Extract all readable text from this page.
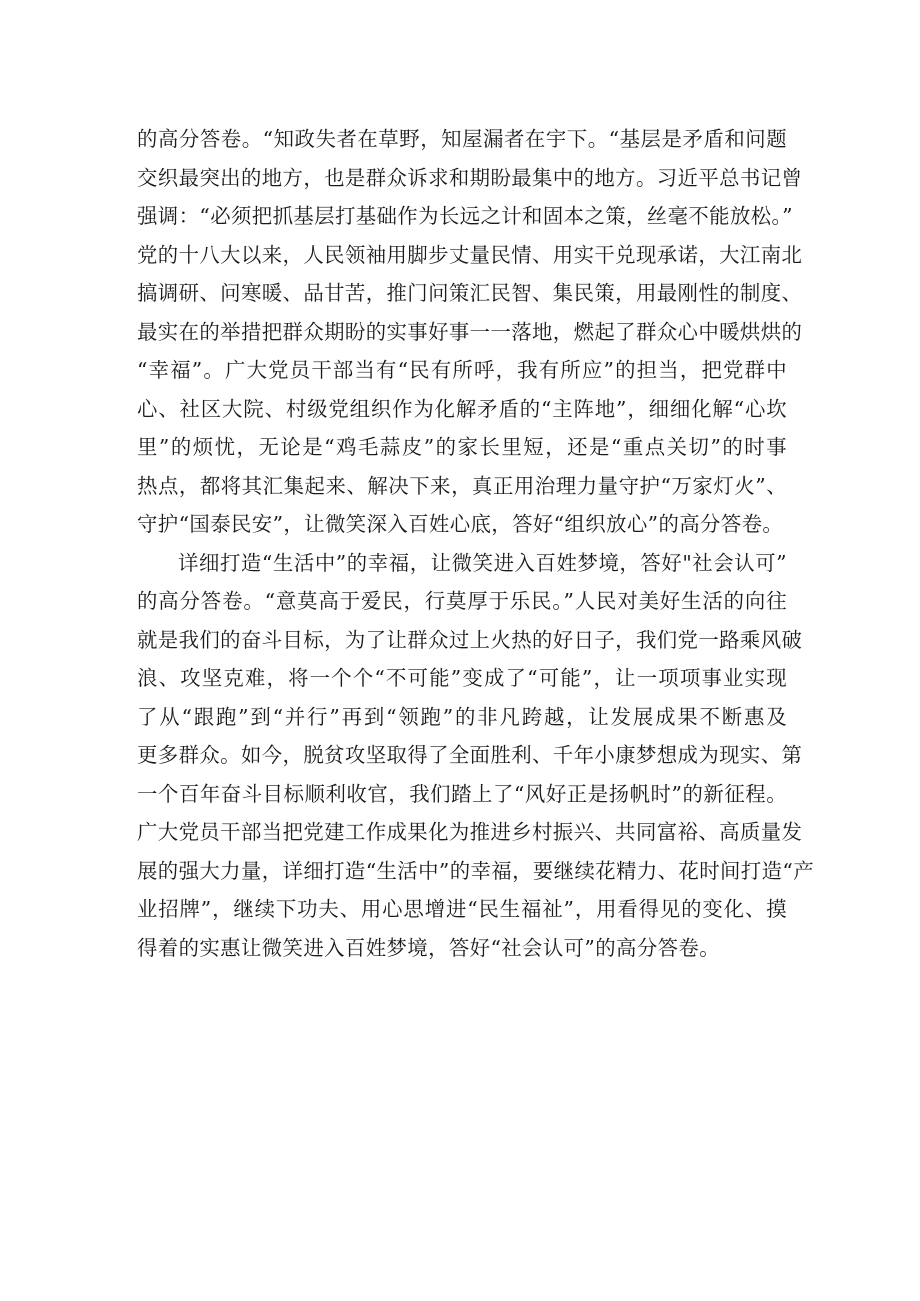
的高分答卷。“知政失者在草野，知屋漏者在宇下。“基层是矛盾和问题
交织最突出的地方，也是群众诉求和期盼最集中的地方。习近平总书记曾
强调：“必须把抓基层打基础作为长远之计和固本之策，丝毫不能放松。”
党的十八大以来，人民领袖用脚步丈量民情、用实干兑现承诺，大江南北
搞调研、问寒暖、品甘苦，推门问策汇民智、集民策，用最刚性的制度、
最实在的举措把群众期盼的实事好事一一落地，燃起了群众心中暖烘烘的
“幸福”。广大党员干部当有“民有所呼，我有所应”的担当，把党群中
心、社区大院、村级党组织作为化解矛盾的“主阵地”，细细化解“心坎
里”的烦忧，无论是“鸡毛蒜皮”的家长里短，还是“重点关切”的时事
热点，都将其汇集起来、解决下来，真正用治理力量守护“万家灯火”、
守护“国泰民安”，让微笑深入百姓心底，答好“组织放心”的高分答卷。
详细打造“生活中”的幸福，让微笑进入百姓梦境，答好"社会认可”
的高分答卷。“意莫高于爱民，行莫厚于乐民。”人民对美好生活的向往
就是我们的奋斗目标，为了让群众过上火热的好日子，我们党一路乘风破
浪、攻坚克难，将一个个“不可能”变成了“可能”，让一项项事业实现
了从“跟跑”到“并行”再到“领跑”的非凡跨越，让发展成果不断惠及
更多群众。如今，脱贫攻坚取得了全面胜利、千年小康梦想成为现实、第
一个百年奋斗目标顺利收官，我们踏上了“风好正是扬帆时”的新征程。
广大党员干部当把党建工作成果化为推进乡村振兴、共同富裕、高质量发
展的强大力量，详细打造“生活中”的幸福，要继续花精力、花时间打造“产
业招牌”，继续下功夫、用心思增进“民生福祉”，用看得见的变化、摸
得着的实惠让微笑进入百姓梦境，答好“社会认可”的高分答卷。
